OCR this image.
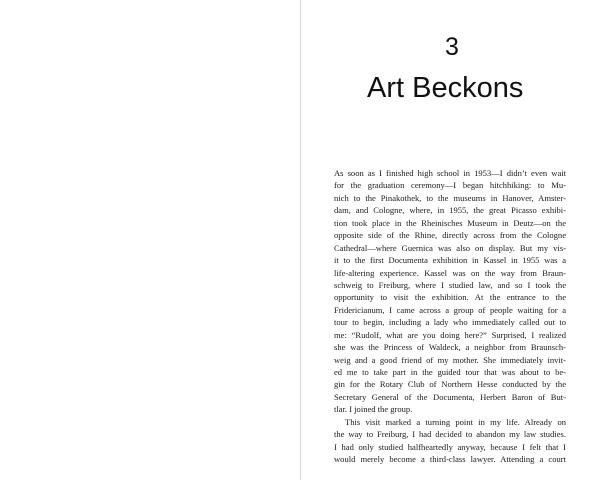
3
Art Beckons
As soon as I finished high school in 1953—I didn’t even wait
for the graduation ceremony—I began hitchhiking: to Mu-
nich to the Pinakothek, to the museums in Hanover, Amster-
dam, and Cologne, where, in 1955, the great Picasso exhibi-
tion took place in the Rheinisches Museum in Deutz—on the
opposite side of the Rhine, directly across from the Cologne
Cathedral—where Guernica was also on display. But my vis-
it to the first Documenta exhibition in Kassel in 1955 was a
life-altering experience. Kassel was on the way from Braun-
schweig to Freiburg, where I studied law, and so I took the
opportunity to visit the exhibition. At the entrance to the
Fridericianum, I came across a group of people waiting for a
tour to begin, including a lady who immediately called out to
me: “Rudolf, what are you doing here?” Surprised, I realized
she was the Princess of Waldeck, a neighbor from Braunsch-
weig and a good friend of my mother. She immediately invit-
ed me to take part in the guided tour that was about to be-
gin for the Rotary Club of Northern Hesse conducted by the
Secretary General of the Documenta, Herbert Baron of But-
tlar. I joined the group.
This visit marked a turning point in my life. Already on
the way to Freiburg, I had decided to abandon my law studies.
I had only studied halfheartedly anyway, because I felt that I
would merely become a third-class lawyer. Attending a court
